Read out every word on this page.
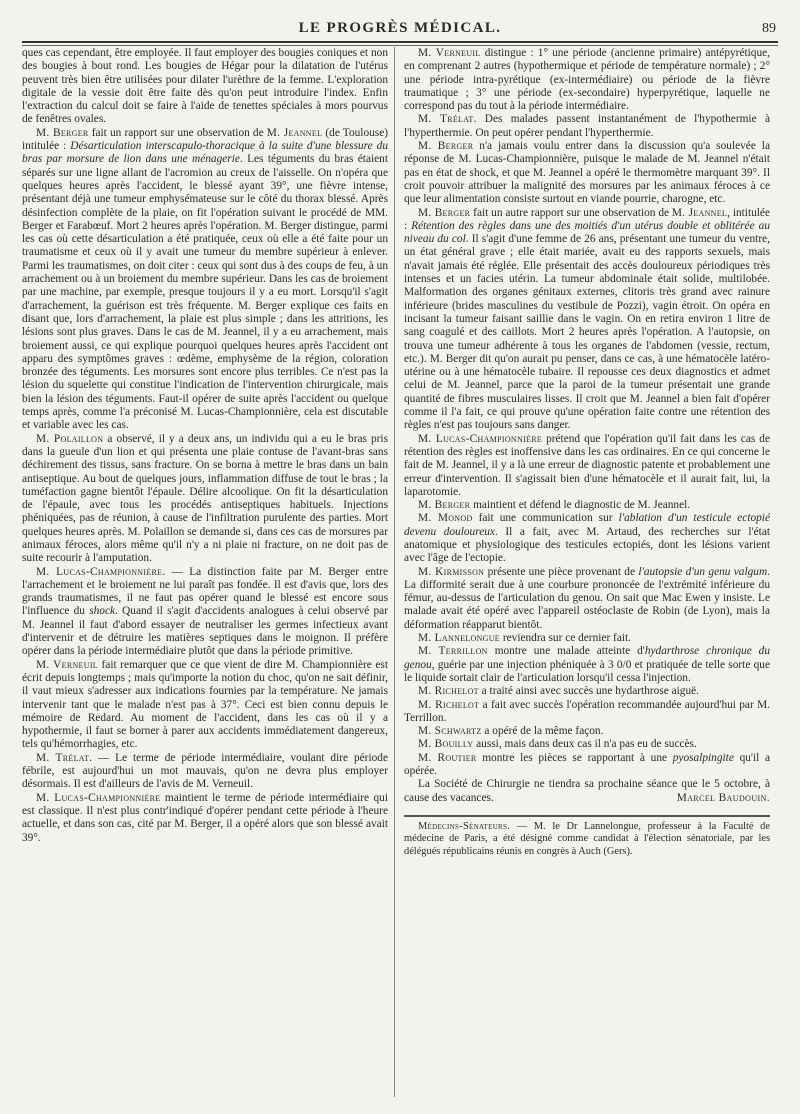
LE PROGRÈS MÉDICAL.	89

ques cas cependant, être employée. Il faut employer des bougies coniques et non des bougies à bout rond. Les bougies de Hégar pour la dilatation de l'utérus peuvent très bien être utilisées pour dilater l'urèthre de la femme. L'exploration digitale de la vessie doit être faite dès qu'on peut introduire l'index. Enfin l'extraction du calcul doit se faire à l'aide de tenettes spéciales à mors pourvus de fenêtres ovales.

M. Berger fait un rapport sur une observation de M. Jeannel (de Toulouse) intitulée : Désarticulation interscapulo-thoracique à la suite d'une blessure du bras par morsure de lion dans une ménagerie. Les téguments du bras étaient séparés sur une ligne allant de l'acromion au creux de l'aisselle. On n'opéra que quelques heures après l'accident, le blessé ayant 39°, une fièvre intense, présentant déjà une tumeur emphysémateuse sur le côté du thorax blessé. Après désinfection complète de la plaie, on fit l'opération suivant le procédé de MM. Berger et Farabœuf. Mort 2 heures après l'opération. M. Berger distingue, parmi les cas où cette désarticulation a été pratiquée, ceux où elle a été faite pour un traumatisme et ceux où il y avait une tumeur du membre supérieur à enlever. Parmi les traumatismes, on doit citer : ceux qui sont dus à des coups de feu, à un arrachement ou à un broiement du membre supérieur. Dans les cas de broiement par une machine, par exemple, presque toujours il y a eu mort. Lorsqu'il s'agit d'arrachement, la guérison est très fréquente. M. Berger explique ces faits en disant que, lors d'arrachement, la plaie est plus simple ; dans les attritions, les lésions sont plus graves. Dans le cas de M. Jeannel, il y a eu arrachement, mais broiement aussi, ce qui explique pourquoi quelques heures après l'accident ont apparu des symptômes graves : œdème, emphysème de la région, coloration bronzée des téguments. Les morsures sont encore plus terribles. Ce n'est pas la lésion du squelette qui constitue l'indication de l'intervention chirurgicale, mais bien la lésion des téguments. Faut-il opérer de suite après l'accident ou quelque temps après, comme l'a préconisé M. Lucas-Championnière, cela est discutable et variable avec les cas.

M. Polaillon a observé, il y a deux ans, un individu qui a eu le bras pris dans la gueule d'un lion et qui présenta une plaie contuse de l'avant-bras sans déchirement des tissus, sans fracture. On se borna à mettre le bras dans un bain antiseptique. Au bout de quelques jours, inflammation diffuse de tout le bras ; la tuméfaction gagne bientôt l'épaule. Délire alcoolique. On fit la désarticulation de l'épaule, avec tous les procédés antiseptiques habituels. Injections phéniquées, pas de réunion, à cause de l'infiltration purulente des parties. Mort quelques heures après. M. Polaillon se demande si, dans ces cas de morsures par animaux féroces, alors même qu'il n'y a ni plaie ni fracture, on ne doit pas de suite recourir à l'amputation.

M. Lucas-Championnière. — La distinction faite par M. Berger entre l'arrachement et le broiement ne lui paraît pas fondée. Il est d'avis que, lors des grands traumatismes, il ne faut pas opérer quand le blessé est encore sous l'influence du shock. Quand il s'agit d'accidents analogues à celui observé par M. Jeannel il faut d'abord essayer de neutraliser les germes infectieux avant d'intervenir et de détruire les matières septiques dans le moignon. Il préfère opérer dans la période intermédiaire plutôt que dans la période primitive.

M. Verneuil fait remarquer que ce que vient de dire M. Championnière est écrit depuis longtemps ; mais qu'importe la notion du choc, qu'on ne sait définir, il vaut mieux s'adresser aux indications fournies par la température. Ne jamais intervenir tant que le malade n'est pas à 37°. Ceci est bien connu depuis le mémoire de Redard. Au moment de l'accident, dans les cas où il y a hypothermie, il faut se borner à parer aux accidents immédiatement dangereux, tels qu'hémorrhagies, etc.

M. Trélat. — Le terme de période intermédiaire, voulant dire période fébrile, est aujourd'hui un mot mauvais, qu'on ne devra plus employer désormais. Il est d'ailleurs de l'avis de M. Verneuil.

M. Lucas-Championnière maintient le terme de période intermédiaire qui est classique. Il n'est plus contr'indiqué d'opérer pendant cette période à l'heure actuelle, et dans son cas, cité par M. Berger, il a opéré alors que son blessé avait 39°.

M. Verneuil distingue : 1° une période (ancienne primaire) antépyrétique, en comprenant 2 autres (hypothermique et période de température normale) ; 2° une période intra-pyrétique (ex-intermédiaire) ou période de la fièvre traumatique ; 3° une période (ex-secondaire) hyperpyrétique, laquelle ne correspond pas du tout à la période intermédiaire.

M. Trélat. Des malades passent instantanément de l'hypothermie à l'hyperthermie. On peut opérer pendant l'hyperthermie.

M. Berger n'a jamais voulu entrer dans la discussion qu'a soulevée la réponse de M. Lucas-Championnière, puisque le malade de M. Jeannel n'était pas en état de shock, et que M. Jeannel a opéré le thermomètre marquant 39°. Il croit pouvoir attribuer la malignité des morsures par les animaux féroces à ce que leur alimentation consiste surtout en viande pourrie, charogne, etc.

M. Berger fait un autre rapport sur une observation de M. Jeannel, intitulée : Rétention des règles dans une des moitiés d'un utérus double et oblitérée au niveau du col. Il s'agit d'une femme de 26 ans, présentant une tumeur du ventre, un état général grave ; elle était mariée, avait eu des rapports sexuels, mais n'avait jamais été réglée. Elle présentait des accès douloureux périodiques très intenses et un facies utérin. La tumeur abdominale était solide, multilobée. Malformation des organes génitaux externes, clitoris très grand avec rainure inférieure (brides masculines du vestibule de Pozzi), vagin étroit. On opéra en incisant la tumeur faisant saillie dans le vagin. On en retira environ 1 litre de sang coagulé et des caillots. Mort 2 heures après l'opération. A l'autopsie, on trouva une tumeur adhérente à tous les organes de l'abdomen (vessie, rectum, etc.). M. Berger dit qu'on aurait pu penser, dans ce cas, à une hématocèle latéro-utérine ou à une hématocèle tubaire. Il repousse ces deux diagnostics et admet celui de M. Jeannel, parce que la paroi de la tumeur présentait une grande quantité de fibres musculaires lisses. Il croit que M. Jeannel a bien fait d'opérer comme il l'a fait, ce qui prouve qu'une opération faite contre une rétention des règles n'est pas toujours sans danger.

M. Lucas-Championnière prétend que l'opération qu'il fait dans les cas de rétention des règles est inoffensive dans les cas ordinaires. En ce qui concerne le fait de M. Jeannel, il y a là une erreur de diagnostic patente et probablement une erreur d'intervention. Il s'agissait bien d'une hématocèle et il aurait fait, lui, la laparotomie.

M. Berger maintient et défend le diagnostic de M. Jeannel.

M. Monod fait une communication sur l'ablation d'un testicule ectopié devenu douloureux. Il a fait, avec M. Artaud, des recherches sur l'état anatomique et physiologique des testicules ectopiés, dont les lésions varient avec l'âge de l'ectopie.

M. Kirmisson présente une pièce provenant de l'autopsie d'un genu valgum. La difformité serait due à une courbure prononcée de l'extrémité inférieure du fémur, au-dessus de l'articulation du genou. On sait que Mac Ewen y insiste. Le malade avait été opéré avec l'appareil ostéoclaste de Robin (de Lyon), mais la déformation réapparut bientôt.

M. Lannelongue reviendra sur ce dernier fait.

M. Terrillon montre une malade atteinte d'hydarthrose chronique du genou, guérie par une injection phéniquée à 3 0/0 et pratiquée de telle sorte que le liquide sortait clair de l'articulation lorsqu'il cessa l'injection.

M. Richelot a traité ainsi avec succès une hydarthrose aiguë.

M. Richelot a fait avec succès l'opération recommandée aujourd'hui par M. Terrillon.

M. Schwartz a opéré de la même façon.

M. Bouilly aussi, mais dans deux cas il n'a pas eu de succès.

M. Routier montre les pièces se rapportant à une pyosalpingite qu'il a opérée.

La Société de Chirurgie ne tiendra sa prochaine séance que le 5 octobre, à cause des vacances.	Marcel Baudouin.

Médecins-Sénateurs. — M. le Dr Lannelongue, professeur à la Faculté de médecine de Paris, a été désigné comme candidat à l'élection sénatoriale, par les délégués républicains réunis en congrès à Auch (Gers).
